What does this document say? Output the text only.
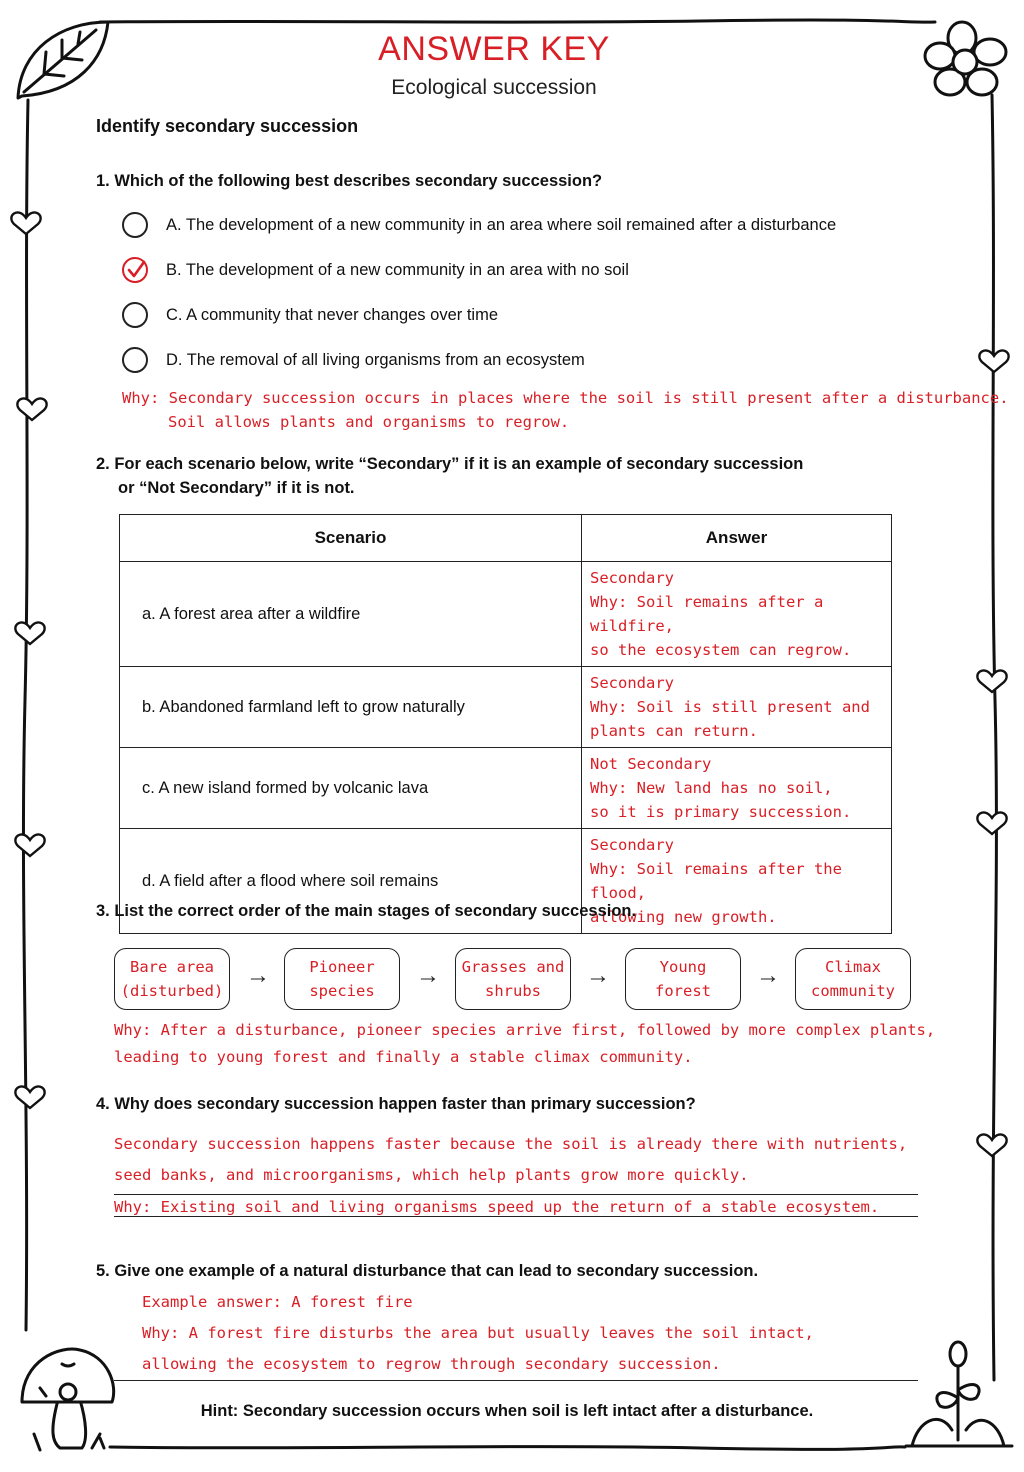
ANSWER KEY
Ecological succession
Identify secondary succession
1. Which of the following best describes secondary succession?
A. The development of a new community in an area where soil remained after a disturbance
B. The development of a new community in an area with no soil
C. A community that never changes over time
D. The removal of all living organisms from an ecosystem
Why: Secondary succession occurs in places where the soil is still present after a disturbance.
Soil allows plants and organisms to regrow.
2. For each scenario below, write “Secondary” if it is an example of secondary succession
or “Not Secondary” if it is not.
Scenario	Answer
a. A forest area after a wildfire	Secondary
Why: Soil remains after a wildfire,
so the ecosystem can regrow.

b. Abandoned farmland left to grow naturally	Secondary
Why: Soil is still present and
plants can return.

c. A new island formed by volcanic lava	Not Secondary
Why: New land has no soil,
so it is primary succession.

d. A field after a flood where soil remains	Secondary
Why: Soil remains after the flood,
allowing new growth.
3. List the correct order of the main stages of secondary succession.
Bare area
(disturbed)
→	Pioneer
species
→ Grasses and
shrubs
→	Young
forest
→	Climax
community
Why: After a disturbance, pioneer species arrive first, followed by more complex plants,
leading to young forest and finally a stable climax community.
4. Why does secondary succession happen faster than primary succession?
Secondary succession happens faster because the soil is already there with nutrients,
seed banks, and microorganisms, which help plants grow more quickly.
Why: Existing soil and living organisms speed up the return of a stable ecosystem.
5. Give one example of a natural disturbance that can lead to secondary succession.
Example answer: A forest fire
Why: A forest fire disturbs the area but usually leaves the soil intact,
allowing the ecosystem to regrow through secondary succession.
Hint: Secondary succession occurs when soil is left intact after a disturbance.
